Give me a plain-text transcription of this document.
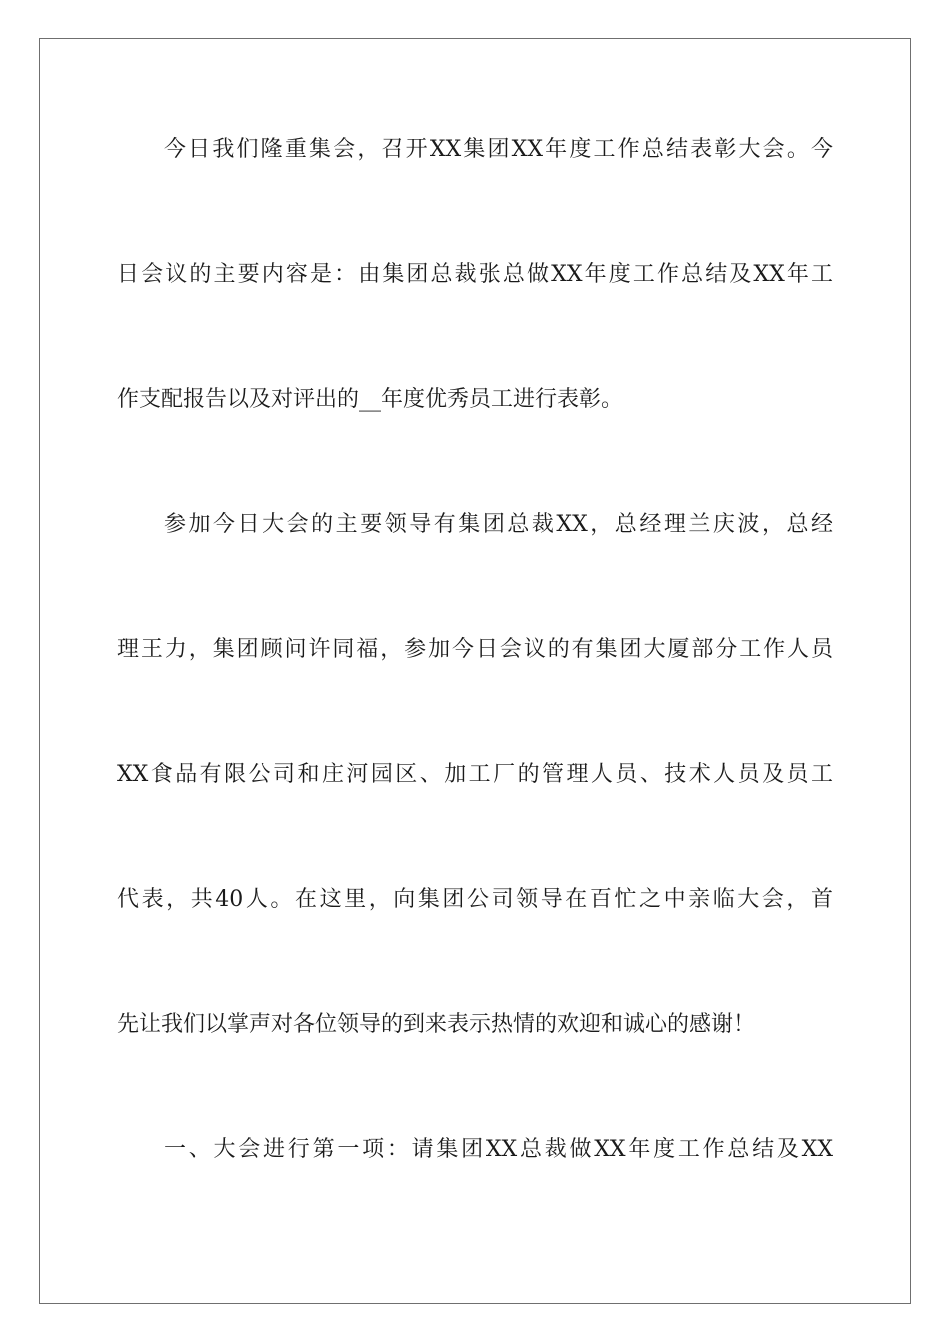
今日我们隆重集会，召开XX集团XX年度工作总结表彰大会。今
日会议的主要内容是：由集团总裁张总做XX年度工作总结及XX年工
作支配报告以及对评出的__年度优秀员工进行表彰。
参加今日大会的主要领导有集团总裁XX，总经理兰庆波，总经
理王力，集团顾问许同福，参加今日会议的有集团大厦部分工作人员
XX食品有限公司和庄河园区、加工厂的管理人员、技术人员及员工
代表，共40人。在这里，向集团公司领导在百忙之中亲临大会，首
先让我们以掌声对各位领导的到来表示热情的欢迎和诚心的感谢！
一、大会进行第一项：请集团XX总裁做XX年度工作总结及XX
